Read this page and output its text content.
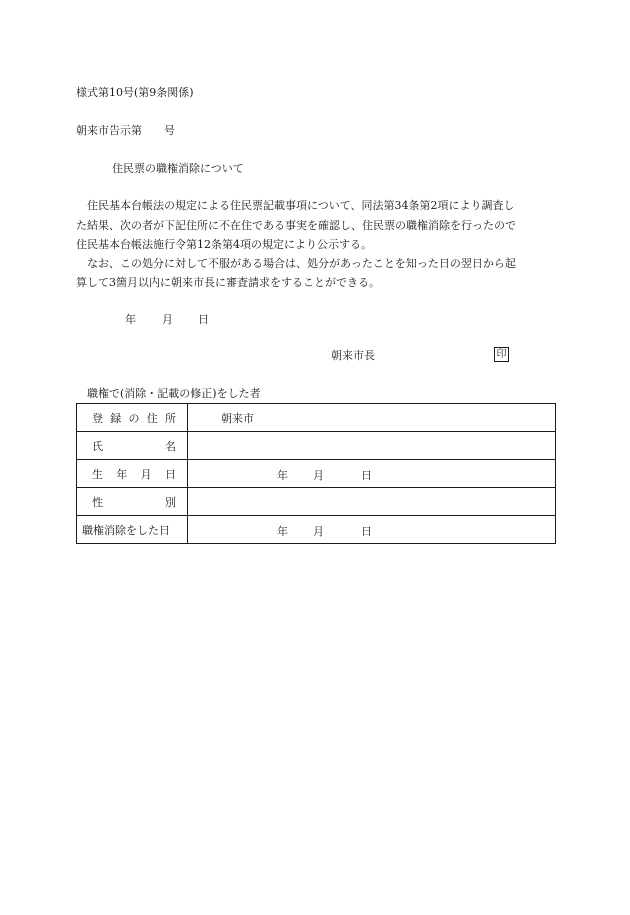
様式第10号(第9条関係)
朝来市告示第　　号
住民票の職権消除について
　住民基本台帳法の規定による住民票記載事項について、同法第34条第2項により調査し
た結果、次の者が下記住所に不在住である事実を確認し、住民票の職権消除を行ったので
住民基本台帳法施行令第12条第4項の規定により公示する。
　なお、この処分に対して不服がある場合は、処分があったことを知った日の翌日から起
算して3箇月以内に朝来市長に審査請求をすることができる。
年 月 日
朝来市長	印
職権で(消除・記載の修正)をした者
登 録 の 住 所	朝来市

氏 名	

生 年 月 日	年 月 日

性 別	

職権消除をした日	年 月 日
